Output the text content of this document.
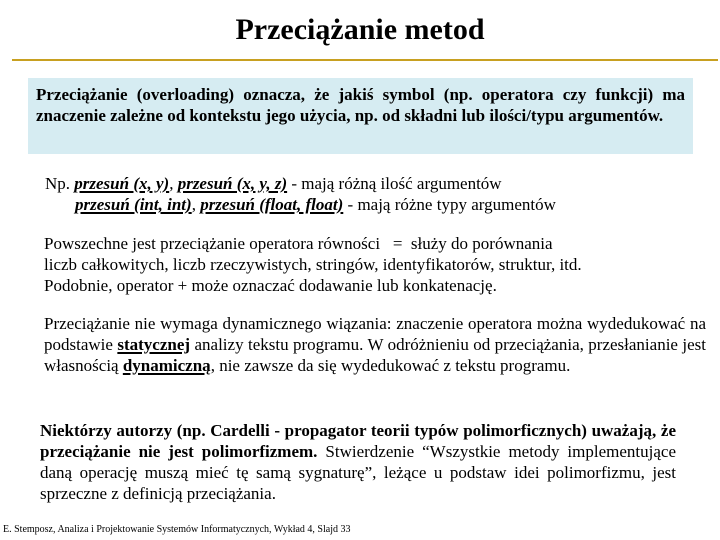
Przeciążanie metod

Przeciążanie (overloading) oznacza, że jakiś symbol (np. operatora czy funkcji) ma znaczenie zależne od kontekstu jego użycia, np. od składni lub ilości/typu argumentów.

Np. przesuń (x, y), przesuń (x, y, z) - mają różną ilość argumentów
przesuń (int, int), przesuń (float, float) - mają różne typy argumentów

Powszechne jest przeciążanie operatora równości   =  służy do porównania

liczb całkowitych, liczb rzeczywistych, stringów, identyfikatorów, struktur, itd.

Podobnie, operator + może oznaczać dodawanie lub konkatenację.

Przeciążanie nie wymaga dynamicznego wiązania: znaczenie operatora można wydedukować na podstawie statycznej analizy tekstu programu. W odróżnieniu od przeciążania, przesłanianie jest własnością dynamiczną, nie zawsze da się wydedukować z tekstu programu.

Niektórzy autorzy (np. Cardelli - propagator teorii typów polimorficznych) uważają, że przeciążanie nie jest polimorfizmem. Stwierdzenie “Wszystkie metody implementujące daną operację muszą mieć tę samą sygnaturę”, leżące u podstaw idei polimorfizmu, jest sprzeczne z definicją przeciążania.

E. Stemposz, Analiza i Projektowanie Systemów Informatycznych, Wykład 4, Slajd 33
